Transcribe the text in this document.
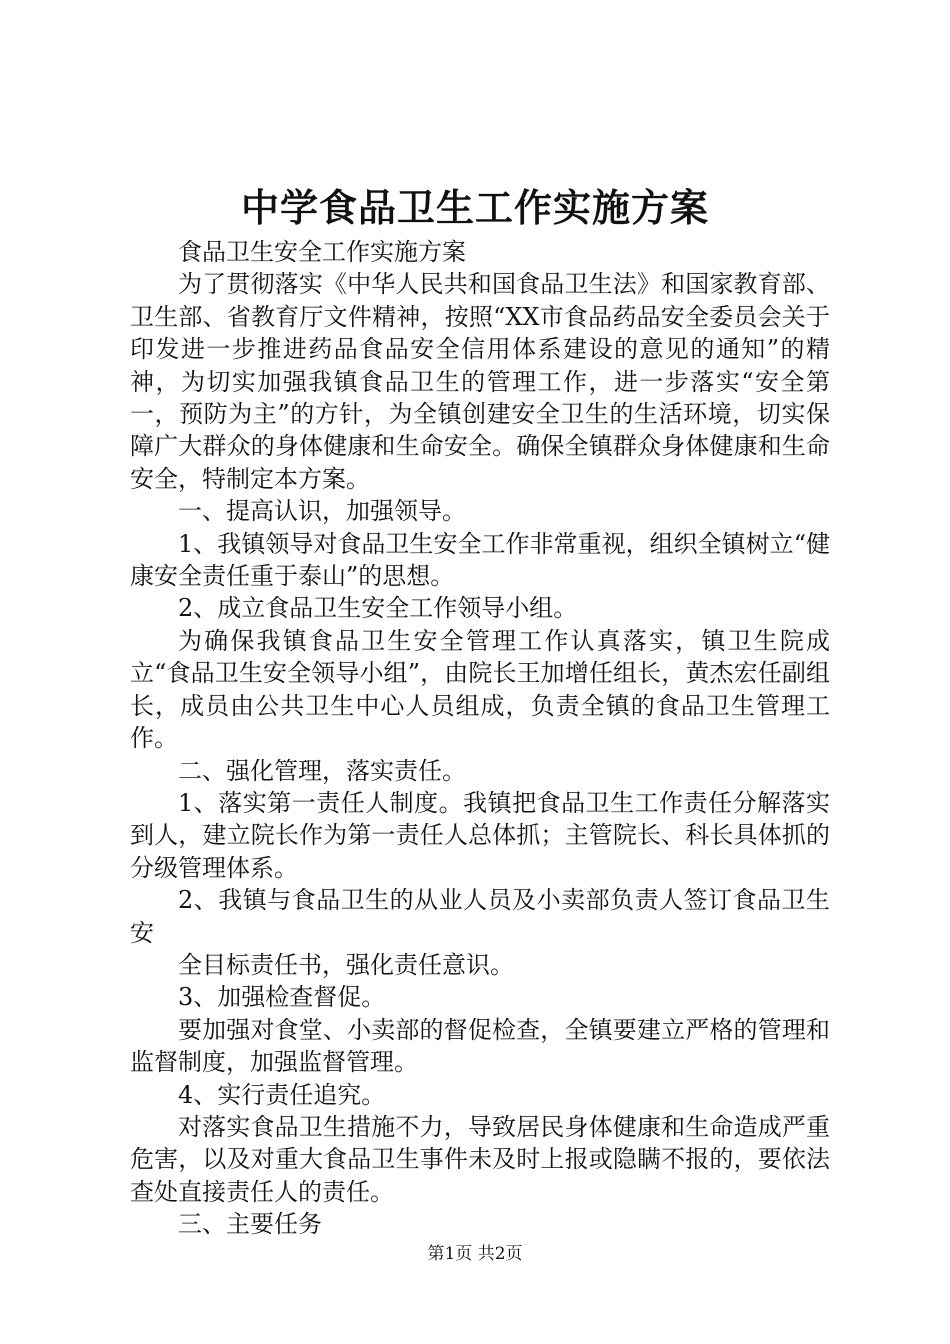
中学食品卫生工作实施方案

食品卫生安全工作实施方案

为了贯彻落实《中华人民共和国食品卫生法》和国家教育部、卫生部、省教育厅文件精神，按照“XX市食品药品安全委员会关于印发进一步推进药品食品安全信用体系建设的意见的通知”的精神，为切实加强我镇食品卫生的管理工作，进一步落实“安全第一，预防为主”的方针，为全镇创建安全卫生的生活环境，切实保障广大群众的身体健康和生命安全。确保全镇群众身体健康和生命安全，特制定本方案。

一、提高认识，加强领导。

1、我镇领导对食品卫生安全工作非常重视，组织全镇树立“健康安全责任重于泰山”的思想。

2、成立食品卫生安全工作领导小组。

为确保我镇食品卫生安全管理工作认真落实，镇卫生院成立“食品卫生安全领导小组”，由院长王加增任组长，黄杰宏任副组长，成员由公共卫生中心人员组成，负责全镇的食品卫生管理工作。

二、强化管理，落实责任。

1、落实第一责任人制度。我镇把食品卫生工作责任分解落实到人，建立院长作为第一责任人总体抓；主管院长、科长具体抓的分级管理体系。

2、我镇与食品卫生的从业人员及小卖部负责人签订食品卫生安

全目标责任书，强化责任意识。

3、加强检查督促。

要加强对食堂、小卖部的督促检查，全镇要建立严格的管理和监督制度，加强监督管理。

4、实行责任追究。

对落实食品卫生措施不力，导致居民身体健康和生命造成严重危害，以及对重大食品卫生事件未及时上报或隐瞒不报的，要依法查处直接责任人的责任。

三、主要任务

第1页 共2页
